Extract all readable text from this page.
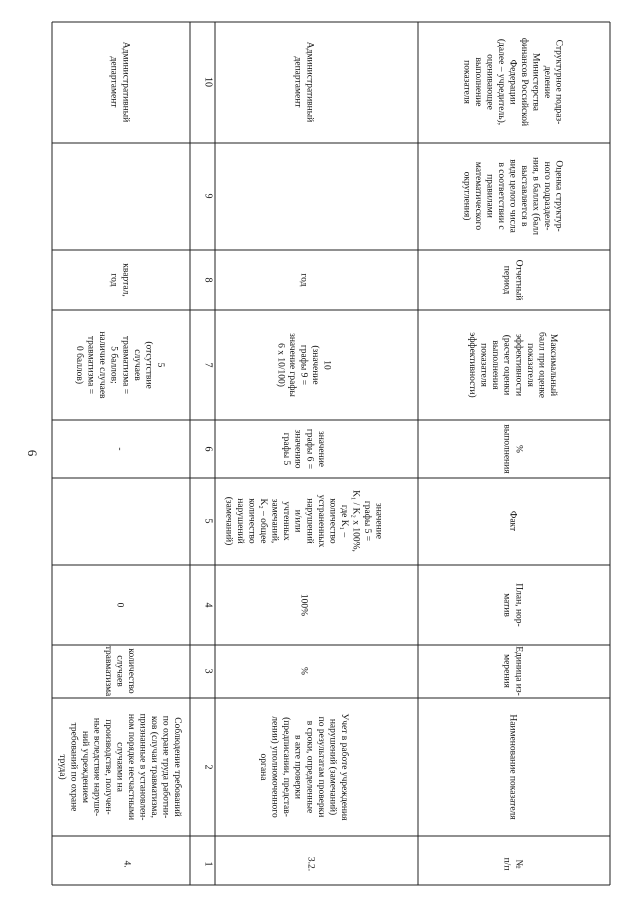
6
№п/п
Наименование показателя
Единица из-мерения
План, нор-матив
Факт
%выполнения
Максимальныйбалл при оценкепоказателяэффективности(расчет оценкивыполненияпоказателяэффективности)
Отчетныйпериод
Оценка структур-ного подразделе-ния, в баллах (баллвыставляется ввиде целого числав соответствии справиламиматематическогоокругления)
Структурное подраз-делениеМинистерствафинансов РоссийскойФедерации(далее – учредитель),оценивающеевыполнениепоказателя
1
2
3
4
5
6
7
8
9
10
3.2.
Учет в работе учреждениянарушений (замечаний)по результатам проверкив сроки, определенныев акте проверки(предписании, представ-лении) уполномоченногооргана
%
100%
значениеграфы 5 =K₁ / K₂ x 100%,где K₁ –количествоустраненныхнарушенийи/илиучтенныхзамечаний,K₂ – общееколичествонарушений(замечаний)
значениеграфы 6 =значениюграфы 5
10(значениеграфы 9 =значение графы6 x 10/100)
год
Административныйдепартамент
4.
Соблюдение требованийпо охране труда работни-ков (случаи травматизма,признанные в установлен-ном порядке несчастнымислучаями напроизводстве, получен-ные вследствие наруше-ний учреждениемтребований по охранетруда)
количествослучаевтравматизма
0
-
5(отсутствиеслучаевтравматизма =5 баллов;наличие случаевтравматизма =0 баллов)
квартал,год
Административныйдепартамент
